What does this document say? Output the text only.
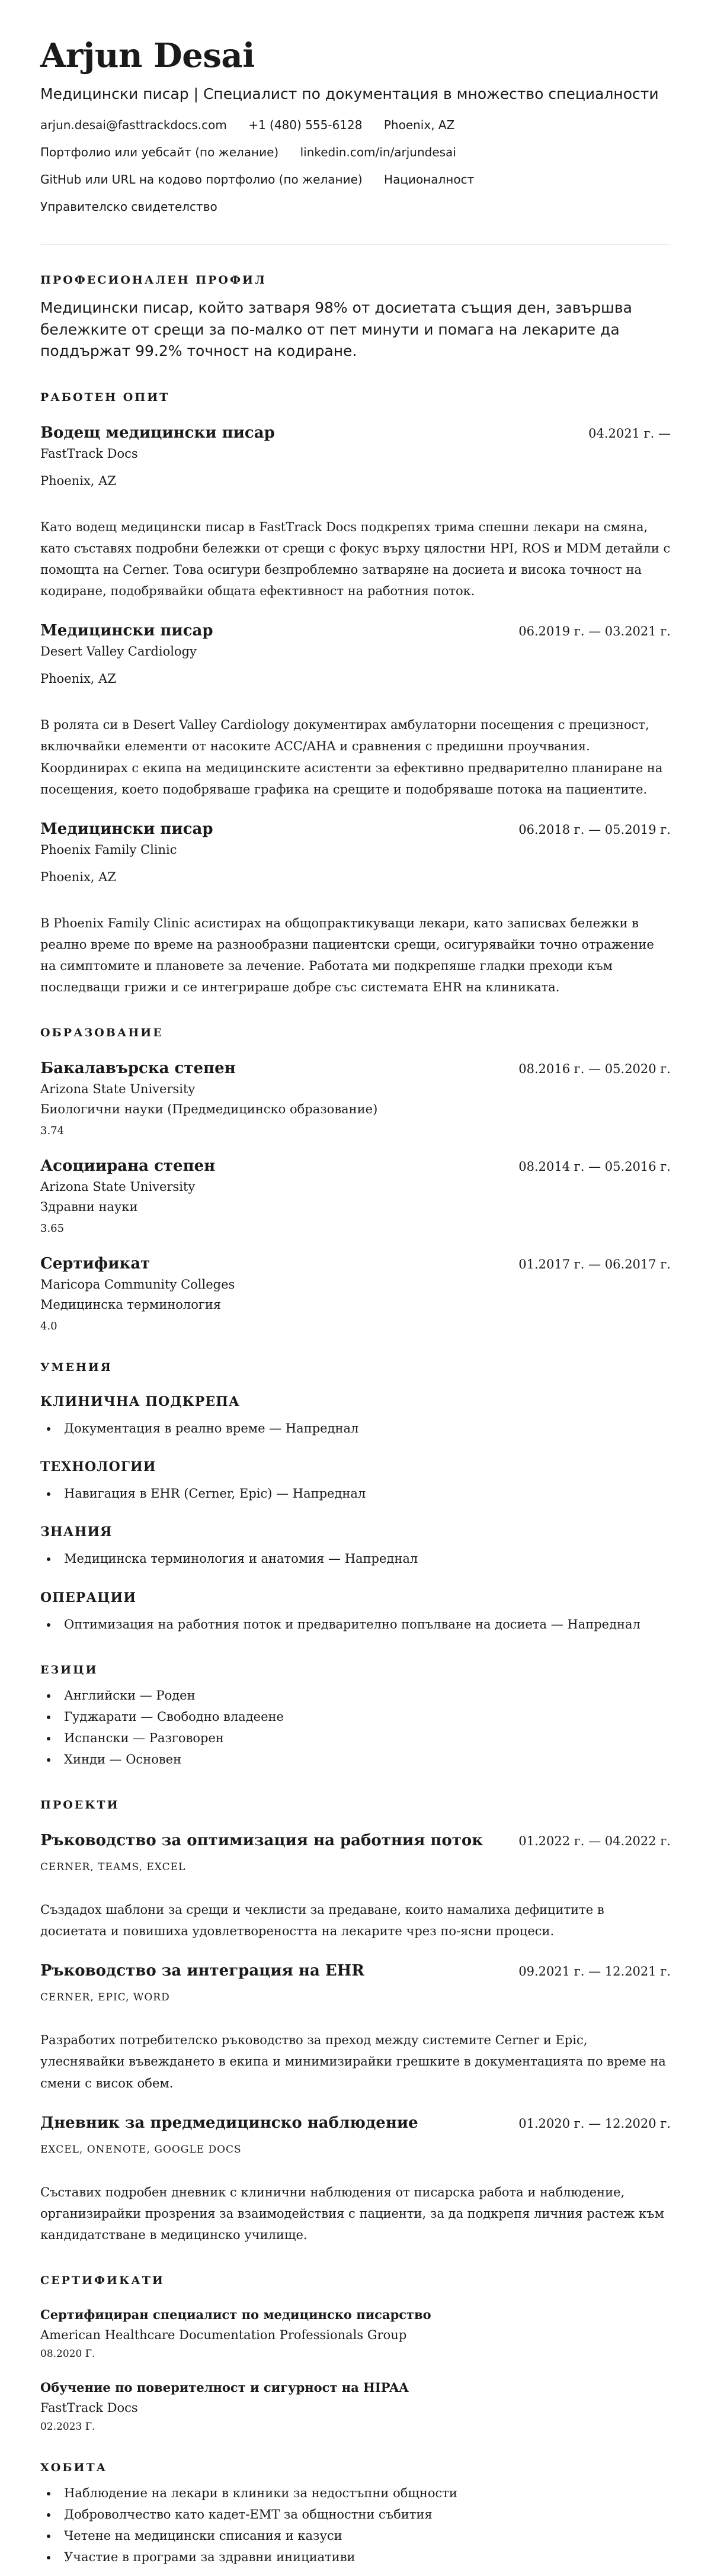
Arjun Desai
Медицински писар | Специалист по документация в множество специалности
arjun.desai@fasttrackdocs.com +1 (480) 555-6128 Phoenix, AZ
Портфолио или уебсайт (по желание) linkedin.com/in/arjundesai
GitHub или URL на кодово портфолио (по желание) Националност
Управителско свидетелство
ПРОФЕСИОНАЛЕН ПРОФИЛ
Медицински писар, който затваря 98% от досиетата същия ден, завършва бележките от срещи за по-малко от пет минути и помага на лекарите да поддържат 99.2% точност на кодиране.
РАБОТЕН ОПИТ
Водещ медицински писар	04.2021 г. —
FastTrack Docs
Phoenix, AZ
Като водещ медицински писар в FastTrack Docs подкрепях трима спешни лекари на смяна, като съставях подробни бележки от срещи с фокус върху цялостни HPI, ROS и MDM детайли с помощта на Cerner. Това осигури безпроблемно затваряне на досиета и висока точност на кодиране, подобрявайки общата ефективност на работния поток.
Медицински писар	06.2019 г. — 03.2021 г.
Desert Valley Cardiology
Phoenix, AZ
В ролята си в Desert Valley Cardiology документирах амбулаторни посещения с прецизност, включвайки елементи от насоките ACC/AHA и сравнения с предишни проучвания. Координирах с екипа на медицинските асистенти за ефективно предварително планиране на посещения, което подобряваше графика на срещите и подобряваше потока на пациентите.
Медицински писар	06.2018 г. — 05.2019 г.
Phoenix Family Clinic
Phoenix, AZ
В Phoenix Family Clinic асистирах на общопрактикуващи лекари, като записвах бележки в реално време по време на разнообразни пациентски срещи, осигурявайки точно отражение на симптомите и плановете за лечение. Работата ми подкрепяше гладки преходи към последващи грижи и се интегрираше добре със системата EHR на клиниката.
ОБРАЗОВАНИЕ
Бакалавърска степен	08.2016 г. — 05.2020 г.
Arizona State University
Биологични науки (Предмедицинско образование)
3.74
Асоциирана степен	08.2014 г. — 05.2016 г.
Arizona State University
Здравни науки
3.65
Сертификат	01.2017 г. — 06.2017 г.
Maricopa Community Colleges
Медицинска терминология
4.0
УМЕНИЯ
КЛИНИЧНА ПОДКРЕПА
• Документация в реално време — Напреднал
ТЕХНОЛОГИИ
• Навигация в EHR (Cerner, Epic) — Напреднал
ЗНАНИЯ
• Медицинска терминология и анатомия — Напреднал
ОПЕРАЦИИ
• Оптимизация на работния поток и предварително попълване на досиета — Напреднал
ЕЗИЦИ
• Английски — Роден
• Гуджарати — Свободно владеене
• Испански — Разговорен
• Хинди — Основен
ПРОЕКТИ
Ръководство за оптимизация на работния поток	01.2022 г. — 04.2022 г.
CERNER, TEAMS, EXCEL
Създадох шаблони за срещи и чеклисти за предаване, които намалиха дефицитите в досиетата и повишиха удовлетвореността на лекарите чрез по-ясни процеси.
Ръководство за интеграция на EHR	09.2021 г. — 12.2021 г.
CERNER, EPIC, WORD
Разработих потребителско ръководство за преход между системите Cerner и Epic, улеснявайки въвеждането в екипа и минимизирайки грешките в документацията по време на смени с висок обем.
Дневник за предмедицинско наблюдение	01.2020 г. — 12.2020 г.
EXCEL, ONENOTE, GOOGLE DOCS
Съставих подробен дневник с клинични наблюдения от писарска работа и наблюдение, организирайки прозрения за взаимодействия с пациенти, за да подкрепя личния растеж към кандидатстване в медицинско училище.
СЕРТИФИКАТИ
Сертифициран специалист по медицинско писарство
American Healthcare Documentation Professionals Group
08.2020 Г.
Обучение по поверителност и сигурност на HIPAA
FastTrack Docs
02.2023 Г.
ХОБИТА
• Наблюдение на лекари в клиники за недостъпни общности
• Доброволчество като кадет-ЕМТ за общностни събития
• Четене на медицински списания и казуси
• Участие в програми за здравни инициативи
